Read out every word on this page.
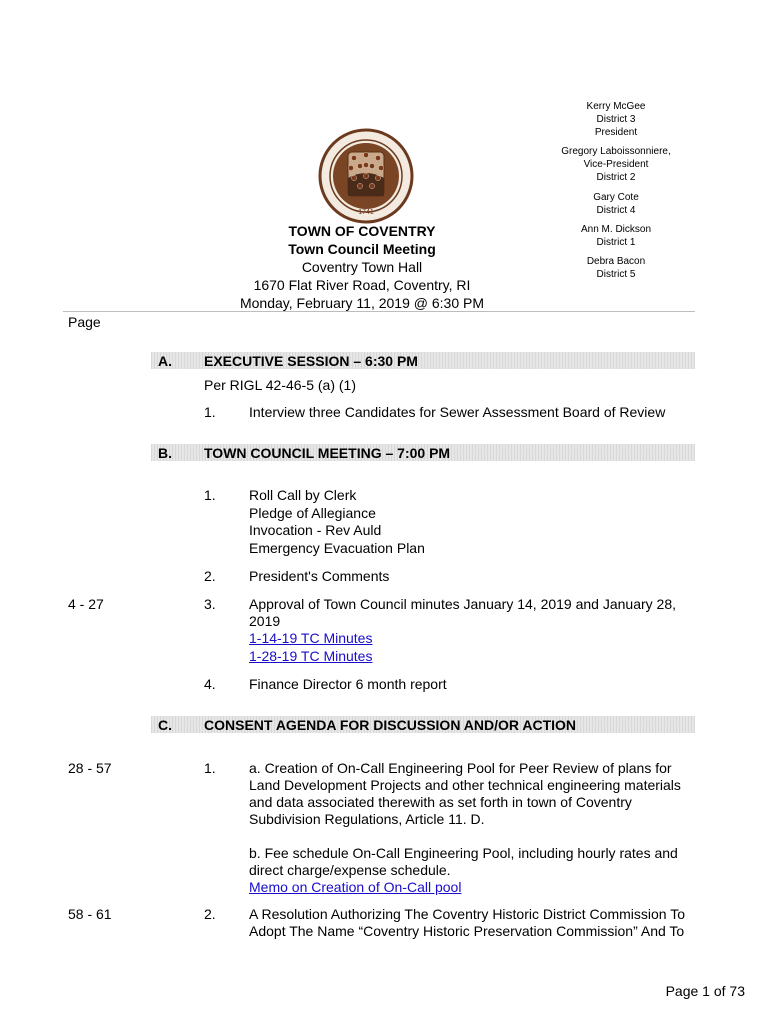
1741
Kerry McGee
District 3
President
Gregory Laboissonniere,
Vice-President
District 2
Gary Cote
District 4
Ann M. Dickson
District 1
Debra Bacon
District 5
TOWN OF COVENTRY
Town Council Meeting
Coventry Town Hall
1670 Flat River Road, Coventry, RI
Monday, February 11, 2019 @ 6:30 PM
Page
A. EXECUTIVE SESSION – 6:30 PM
Per RIGL 42-46-5 (a) (1)
1. Interview three Candidates for Sewer Assessment Board of Review
B. TOWN COUNCIL MEETING – 7:00 PM
1. Roll Call by Clerk
Pledge of Allegiance
Invocation - Rev Auld
Emergency Evacuation Plan
2. President's Comments
4 - 27	3. Approval of Town Council minutes January 14, 2019 and January 28,
2019
1-14-19 TC Minutes
1-28-19 TC Minutes
4. Finance Director 6 month report
C. CONSENT AGENDA FOR DISCUSSION AND/OR ACTION
28 - 57	1. a. Creation of On-Call Engineering Pool for Peer Review of plans for
Land Development Projects and other technical engineering materials
and data associated therewith as set forth in town of Coventry
Subdivision Regulations, Article 11. D.
b. Fee schedule On-Call Engineering Pool, including hourly rates and
direct charge/expense schedule.
Memo on Creation of On-Call pool
58 - 61	2. A Resolution Authorizing The Coventry Historic District Commission To
Adopt The Name “Coventry Historic Preservation Commission” And To
Page 1 of 73
